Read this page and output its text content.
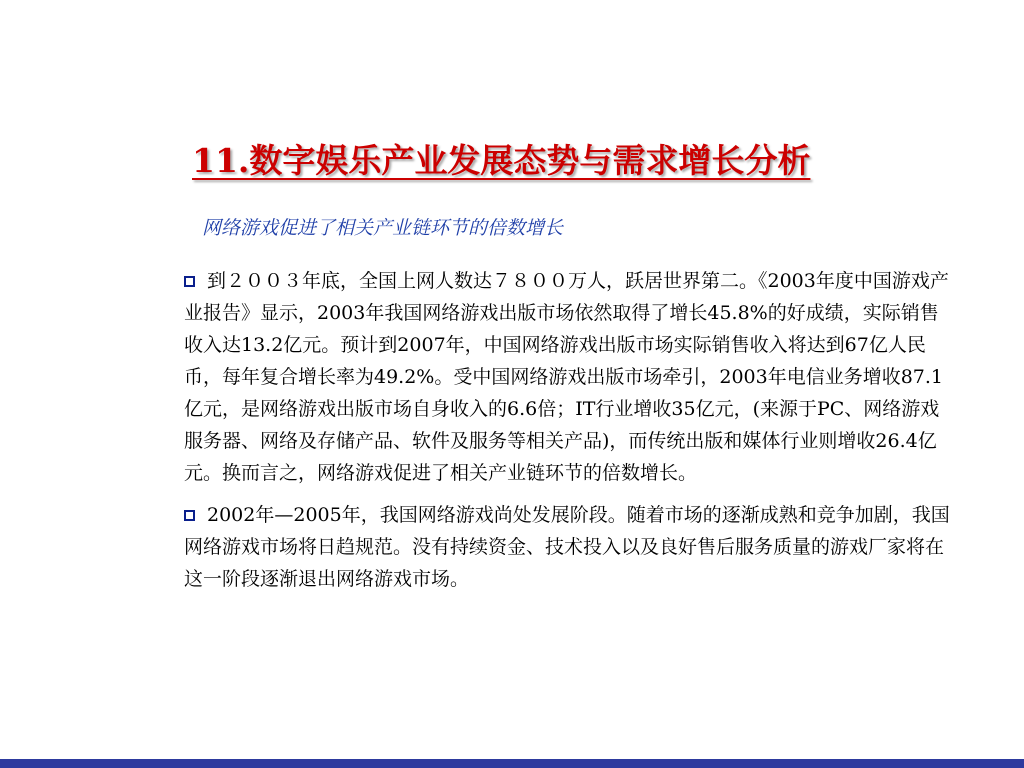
11.数字娱乐产业发展态势与需求增长分析
网络游戏促进了相关产业链环节的倍数增长

到２００３年底，全国上网人数达７８００万人，跃居世界第二。《2003年度中国游戏产业报告》显示，2003年我国网络游戏出版市场依然取得了增长45.8%的好成绩，实际销售收入达13.2亿元。预计到2007年，中国网络游戏出版市场实际销售收入将达到67亿人民币，每年复合增长率为49.2%。受中国网络游戏出版市场牵引，2003年电信业务增收87.1亿元，是网络游戏出版市场自身收入的6.6倍；IT行业增收35亿元，(来源于PC、网络游戏服务器、网络及存储产品、软件及服务等相关产品)，而传统出版和媒体行业则增收26.4亿元。换而言之，网络游戏促进了相关产业链环节的倍数增长。

2002年—2005年，我国网络游戏尚处发展阶段。随着市场的逐渐成熟和竞争加剧，我国网络游戏市场将日趋规范。没有持续资金、技术投入以及良好售后服务质量的游戏厂家将在这一阶段逐渐退出网络游戏市场。
